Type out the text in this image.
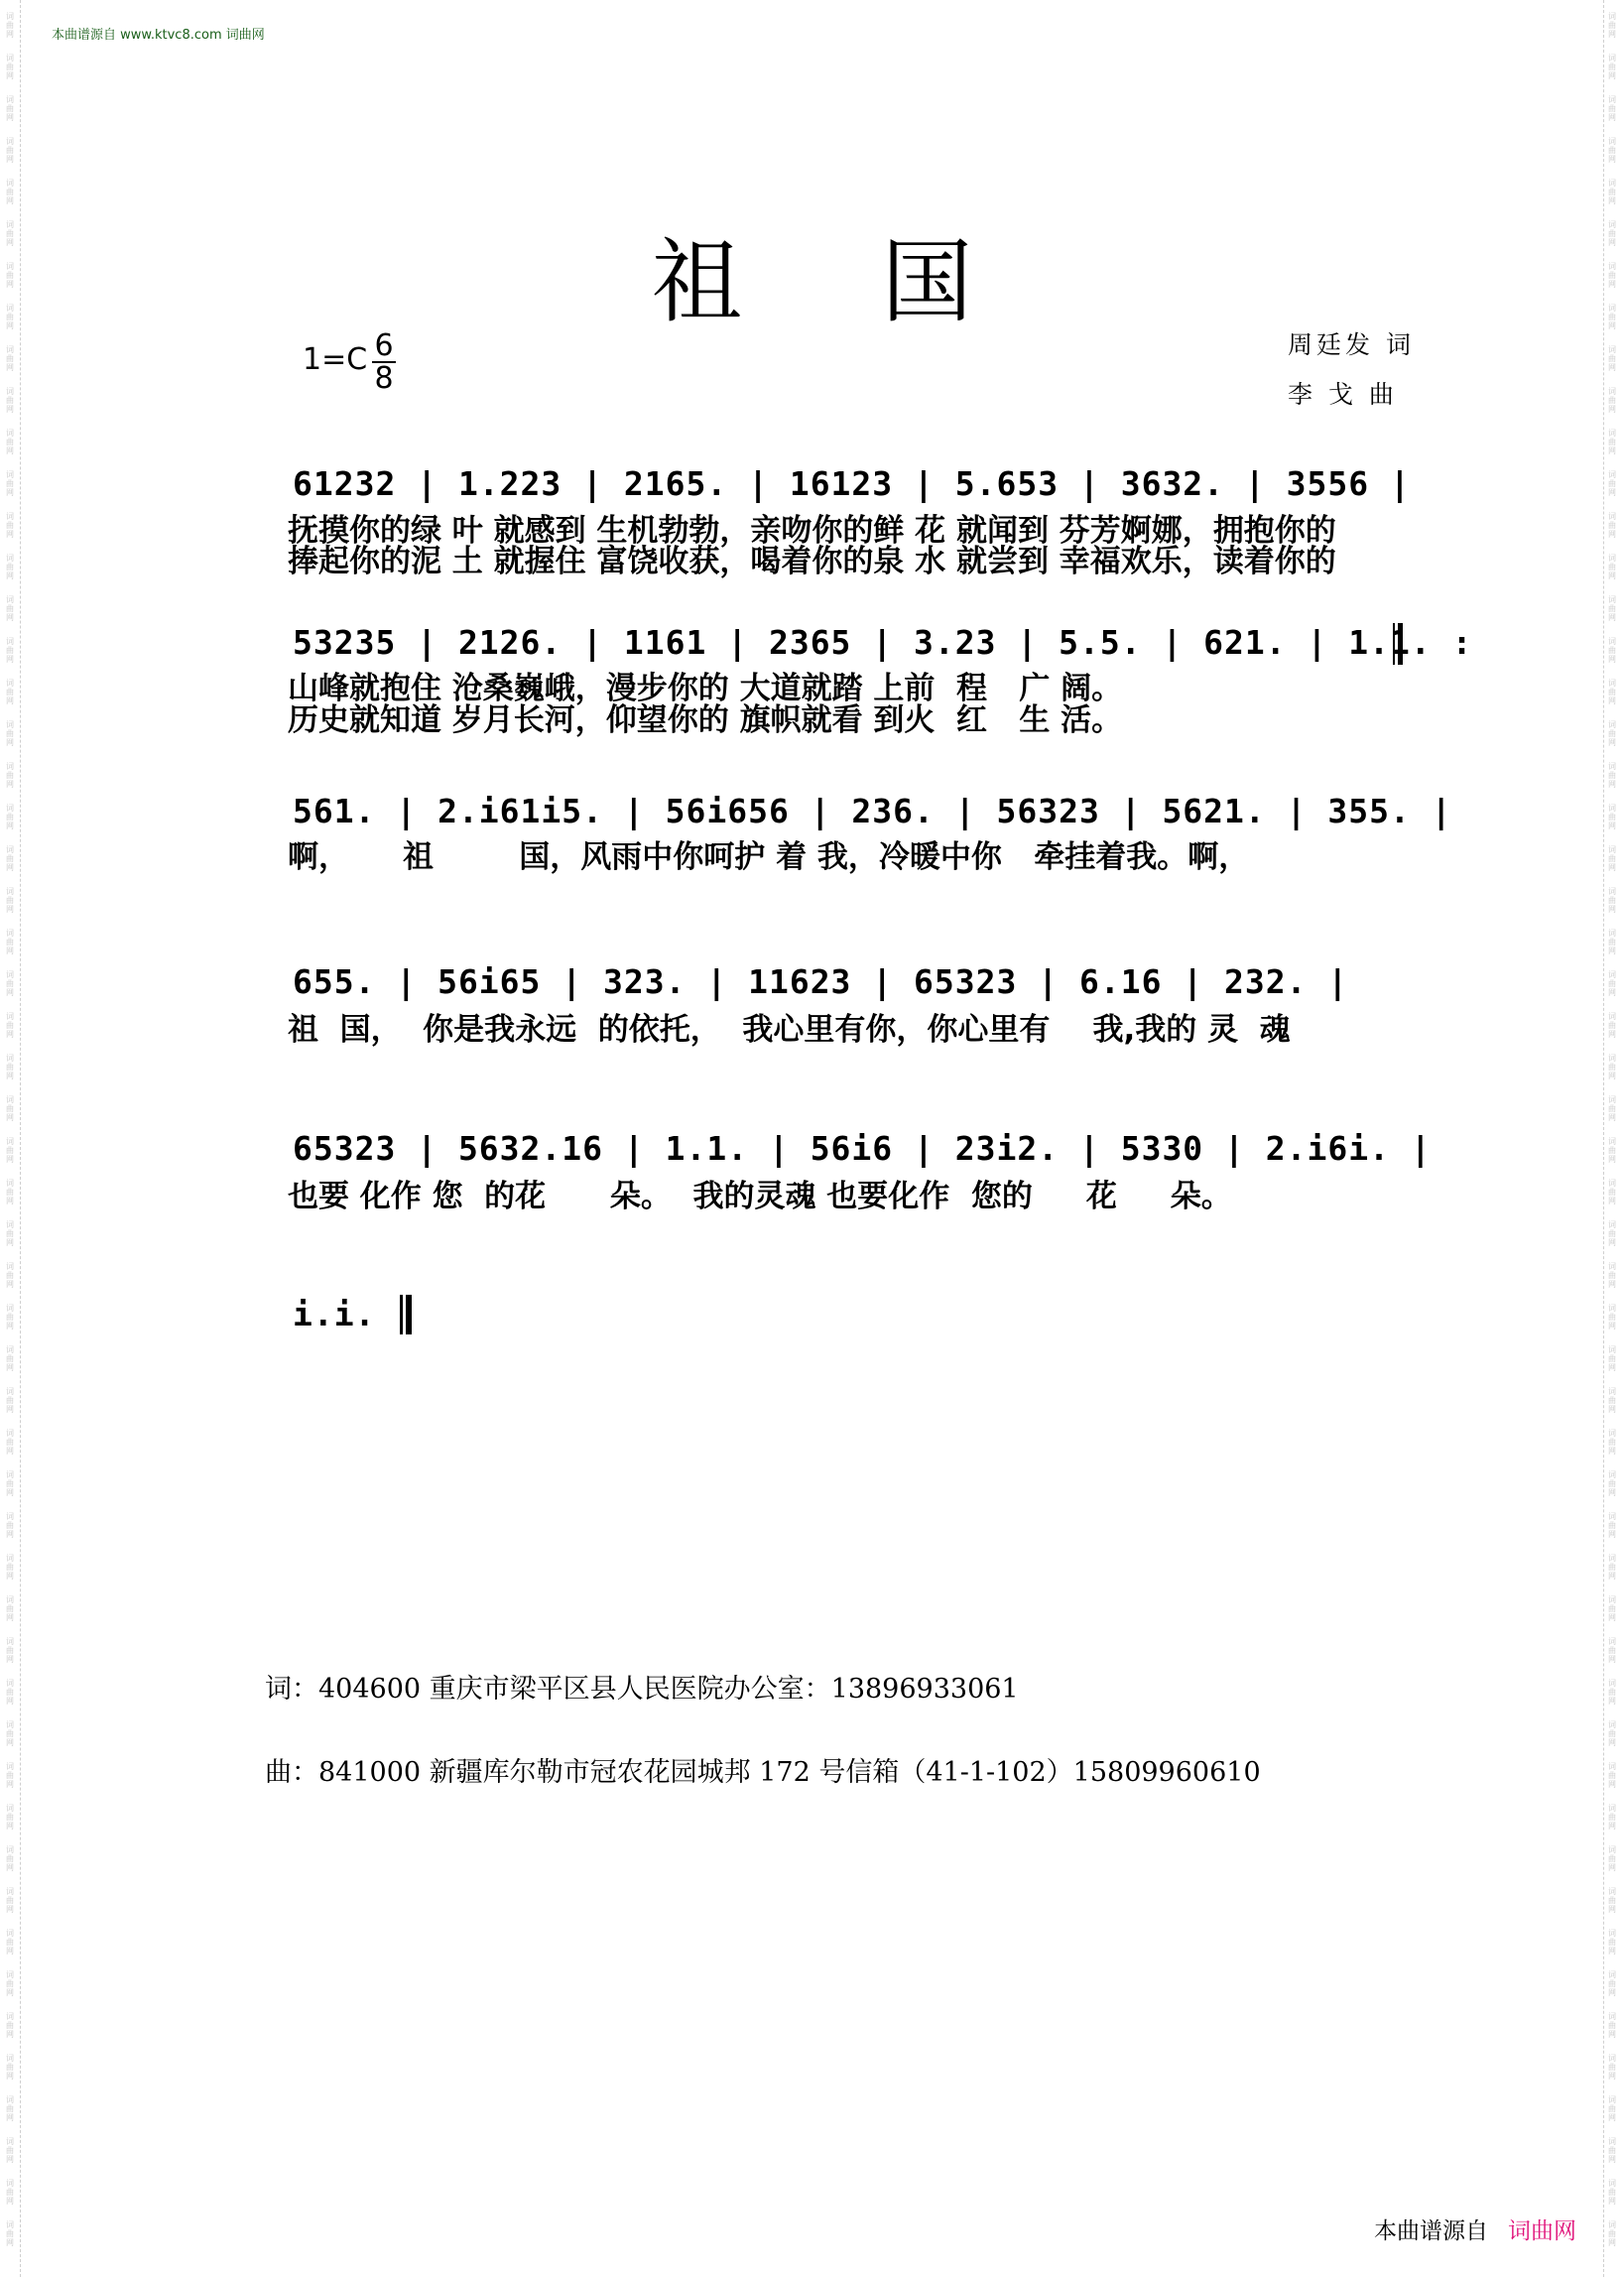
词曲网
词曲网
词曲网
词曲网
词曲网
词曲网
词曲网
词曲网
词曲网
词曲网
词曲网
词曲网
词曲网
词曲网
词曲网
词曲网
词曲网
词曲网
词曲网
词曲网
词曲网
词曲网
词曲网
词曲网
词曲网
词曲网
词曲网
词曲网
词曲网
词曲网
词曲网
词曲网
词曲网
词曲网
词曲网
词曲网
词曲网
词曲网
词曲网
词曲网
词曲网
词曲网
词曲网
词曲网
词曲网
词曲网
词曲网
词曲网
词曲网
词曲网
词曲网
词曲网
词曲网
词曲网
词曲网
词曲网
词曲网
词曲网
词曲网
词曲网
词曲网
词曲网
词曲网
词曲网
词曲网
词曲网
词曲网
词曲网
词曲网
词曲网
词曲网
词曲网
词曲网
词曲网
词曲网
词曲网
词曲网
词曲网
词曲网
词曲网
词曲网
词曲网
词曲网
词曲网
词曲网
词曲网
词曲网
词曲网
词曲网
词曲网
词曲网
词曲网
词曲网
词曲网
词曲网
词曲网
词曲网
词曲网
词曲网
词曲网
词曲网
词曲网
词曲网
词曲网
词曲网
词曲网
词曲网
词曲网
本曲谱源自 www.ktvc8.com 词曲网
祖国
$1=C \frac{6}{8}$	周廷发 词
李 戈 曲
61232 | 1.223 | 2165. | 16123 | 5.653 | 3632. | 3556 |
抚摸你的绿 叶 就感到 生机勃勃，亲吻你的鲜 花 就闻到 芬芳婀娜，拥抱你的
捧起你的泥 土 就握住 富饶收获，喝着你的泉 水 就尝到 幸福欢乐，读着你的
53235 | 2126. | 1161 | 2365 | 3.23 | 5.5. | 621. | 1.1. :
山峰就抱住 沧桑巍峨，漫步你的 大道就踏 上前  程   广 阔。
历史就知道 岁月长河，仰望你的 旗帜就看 到火  红   生 活。
561. | 2.i61i5. | 56i656 | 236. | 56323 | 5621. | 355. |
啊，     祖        国，风雨中你呵护 着 我，冷暖中你   牵挂着我。啊，
655. | 56i65 | 323. | 11623 | 65323 | 6.16 | 232. |
祖  国，  你是我永远  的依托，  我心里有你，你心里有    我,我的 灵  魂
65323 | 5632.16 | 1.1. | 56i6 | 23i2. | 5330 | 2.i6i. |
也要 化作 您  的花      朵。  我的灵魂 也要化作  您的     花     朵。
i.i.
词：404600 重庆市梁平区县人民医院办公室：13896933061
曲：841000 新疆库尔勒市冠农花园城邦 172 号信箱（41-1-102）15809960610
本曲谱源自 词曲网
